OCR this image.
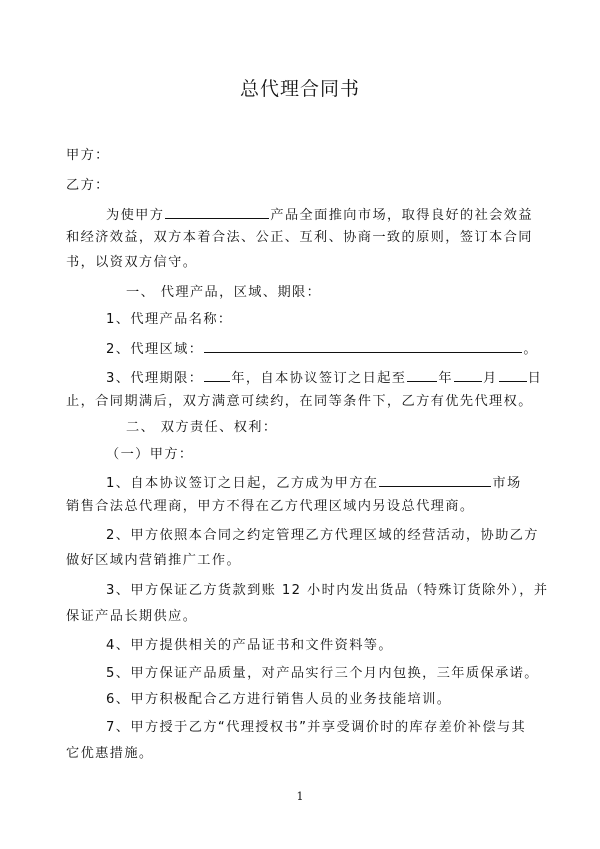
总代理合同书
甲方：
乙方：
为使甲方	产品全面推向市场，取得良好的社会效益
和经济效益，双方本着合法、公正、互利、协商一致的原则，签订本合同
书，以资双方信守。
一、 代理产品，区域、期限：
1、代理产品名称：
2、代理区域：	。
3、代理期限： 年，自本协议签订之日起至 年 月 日
止，合同期满后，双方满意可续约，在同等条件下，乙方有优先代理权。
二、 双方责任、权利：
（一）甲方：
1、自本协议签订之日起，乙方成为甲方在	市场
销售合法总代理商，甲方不得在乙方代理区域内另设总代理商。
2、甲方依照本合同之约定管理乙方代理区域的经营活动，协助乙方
做好区域内营销推广工作。
3、甲方保证乙方货款到账 12 小时内发出货品（特殊订货除外），并
保证产品长期供应。
4、甲方提供相关的产品证书和文件资料等。
5、甲方保证产品质量，对产品实行三个月内包换，三年质保承诺。
6、甲方积极配合乙方进行销售人员的业务技能培训。
7、甲方授于乙方“代理授权书”并享受调价时的库存差价补偿与其
它优惠措施。
1
